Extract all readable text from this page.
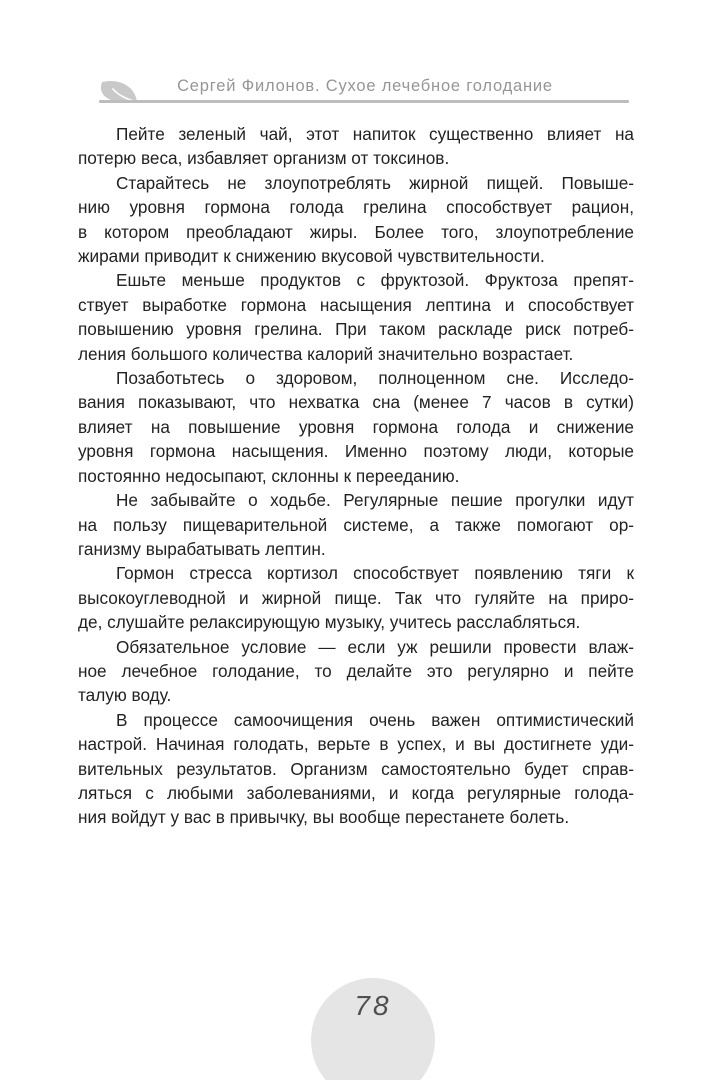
Сергей Филонов. Сухое лечебное голодание
Пейте зеленый чай, этот напиток существенно влияет на
потерю веса, избавляет организм от токсинов.
Старайтесь не злоупотреблять жирной пищей. Повыше-
нию уровня гормона голода грелина способствует рацион,
в котором преобладают жиры. Более того, злоупотребление
жирами приводит к снижению вкусовой чувствительности.
Ешьте меньше продуктов с фруктозой. Фруктоза препят-
ствует выработке гормона насыщения лептина и способствует
повышению уровня грелина. При таком раскладе риск потреб-
ления большого количества калорий значительно возрастает.
Позаботьтесь о здоровом, полноценном сне. Исследо-
вания показывают, что нехватка сна (менее 7 часов в сутки)
влияет на повышение уровня гормона голода и снижение
уровня гормона насыщения. Именно поэтому люди, которые
постоянно недосыпают, склонны к перееданию.
Не забывайте о ходьбе. Регулярные пешие прогулки идут
на пользу пищеварительной системе, а также помогают ор-
ганизму вырабатывать лептин.
Гормон стресса кортизол способствует появлению тяги к
высокоуглеводной и жирной пище. Так что гуляйте на приро-
де, слушайте релаксирующую музыку, учитесь расслабляться.
Обязательное условие — если уж решили провести влаж-
ное лечебное голодание, то делайте это регулярно и пейте
талую воду.
В процессе самоочищения очень важен оптимистический
настрой. Начиная голодать, верьте в успех, и вы достигнете уди-
вительных результатов. Организм самостоятельно будет справ-
ляться с любыми заболеваниями, и когда регулярные голода-
ния войдут у вас в привычку, вы вообще перестанете болеть.
78
